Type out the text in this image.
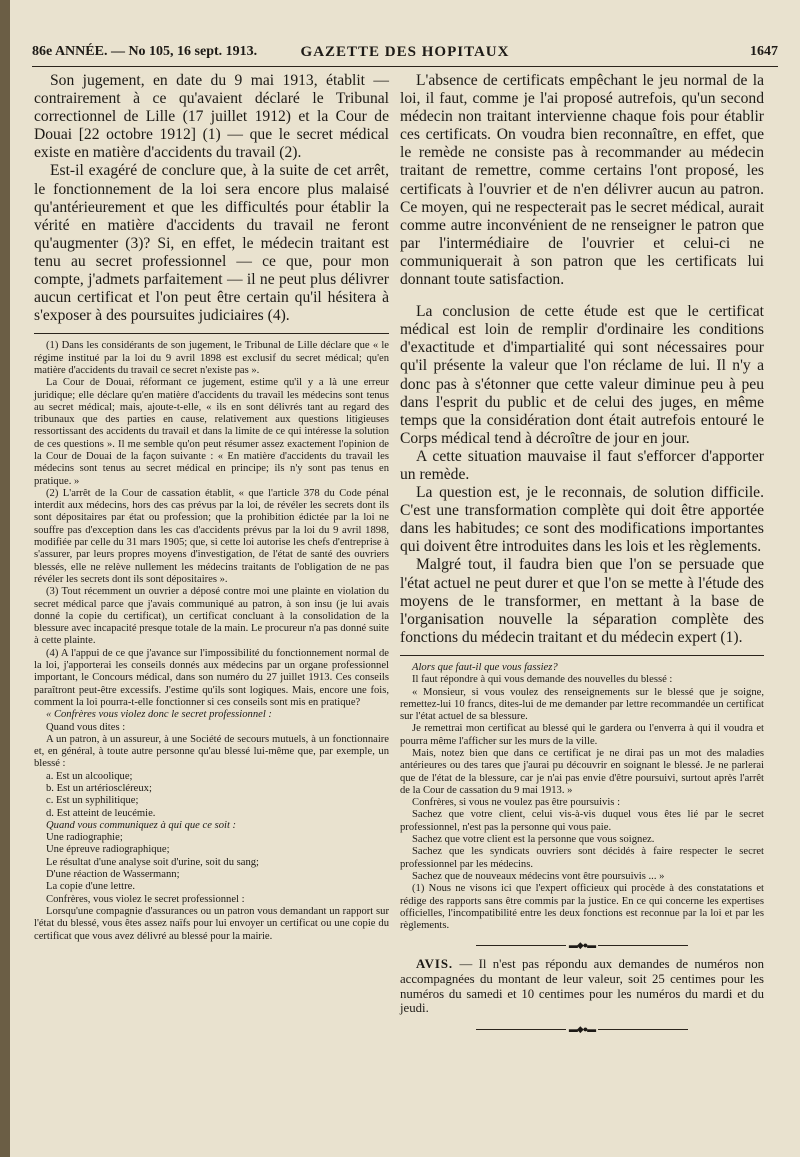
86e ANNÉE. — No 105, 16 sept. 1913.	GAZETTE DES HOPITAUX	1647

Son jugement, en date du 9 mai 1913, établit — contrairement à ce qu'avaient déclaré le Tribunal correctionnel de Lille (17 juillet 1912) et la Cour de Douai [22 octobre 1912] (1) — que le secret médical existe en matière d'accidents du travail (2).

Est-il exagéré de conclure que, à la suite de cet arrêt, le fonctionnement de la loi sera encore plus malaisé qu'antérieurement et que les difficultés pour établir la vérité en matière d'accidents du travail ne feront qu'augmenter (3)? Si, en effet, le médecin traitant est tenu au secret professionnel — ce que, pour mon compte, j'admets parfaitement — il ne peut plus délivrer aucun certificat et l'on peut être certain qu'il hésitera à s'exposer à des poursuites judiciaires (4).

(1) Dans les considérants de son jugement, le Tribunal de Lille déclare que « le régime institué par la loi du 9 avril 1898 est exclusif du secret médical; qu'en matière d'accidents du travail ce secret n'existe pas ».

La Cour de Douai, réformant ce jugement, estime qu'il y a là une erreur juridique; elle déclare qu'en matière d'accidents du travail les médecins sont tenus au secret médical; mais, ajoute-t-elle, « ils en sont délivrés tant au regard des tribunaux que des parties en cause, relativement aux questions litigieuses ressortissant des accidents du travail et dans la limite de ce qui intéresse la solution de ces questions ». Il me semble qu'on peut résumer assez exactement l'opinion de la Cour de Douai de la façon suivante : « En matière d'accidents du travail les médecins sont tenus au secret médical en principe; ils n'y sont pas tenus en pratique. »

(2) L'arrêt de la Cour de cassation établit, « que l'article 378 du Code pénal interdit aux médecins, hors des cas prévus par la loi, de révéler les secrets dont ils sont dépositaires par état ou profession; que la prohibition édictée par la loi ne souffre pas d'exception dans les cas d'accidents prévus par la loi du 9 avril 1898, modifiée par celle du 31 mars 1905; que, si cette loi autorise les chefs d'entreprise à s'assurer, par leurs propres moyens d'investigation, de l'état de santé des ouvriers blessés, elle ne relève nullement les médecins traitants de l'obligation de ne pas révéler les secrets dont ils sont dépositaires ».

(3) Tout récemment un ouvrier a déposé contre moi une plainte en violation du secret médical parce que j'avais communiqué au patron, à son insu (je lui avais donné la copie du certificat), un certificat concluant à la consolidation de la blessure avec incapacité presque totale de la main. Le procureur n'a pas donné suite à cette plainte.

(4) A l'appui de ce que j'avance sur l'impossibilité du fonctionnement normal de la loi, j'apporterai les conseils donnés aux médecins par un organe professionnel important, le Concours médical, dans son numéro du 27 juillet 1913. Ces conseils paraîtront peut-être excessifs. J'estime qu'ils sont logiques. Mais, encore une fois, comment la loi pourra-t-elle fonctionner si ces conseils sont mis en pratique?

« Confrères vous violez donc le secret professionnel :

Quand vous dites :

A un patron, à un assureur, à une Société de secours mutuels, à un fonctionnaire et, en général, à toute autre personne qu'au blessé lui-même que, par exemple, un blessé :

a. Est un alcoolique;

b. Est un artérioscléreux;

c. Est un syphilitique;

d. Est atteint de leucémie.

Quand vous communiquez à qui que ce soit :

Une radiographie;

Une épreuve radiographique;

Le résultat d'une analyse soit d'urine, soit du sang;

D'une réaction de Wassermann;

La copie d'une lettre.

Confrères, vous violez le secret professionnel :

Lorsqu'une compagnie d'assurances ou un patron vous demandant un rapport sur l'état du blessé, vous êtes assez naïfs pour lui envoyer un certificat ou une copie du certificat que vous avez délivré au blessé pour la mairie.

L'absence de certificats empêchant le jeu normal de la loi, il faut, comme je l'ai proposé autrefois, qu'un second médecin non traitant intervienne chaque fois pour établir ces certificats. On voudra bien reconnaître, en effet, que le remède ne consiste pas à recommander au médecin traitant de remettre, comme certains l'ont proposé, les certificats à l'ouvrier et de n'en délivrer aucun au patron. Ce moyen, qui ne respecterait pas le secret médical, aurait comme autre inconvénient de ne renseigner le patron que par l'intermédiaire de l'ouvrier et celui-ci ne communiquerait à son patron que les certificats lui donnant toute satisfaction.

La conclusion de cette étude est que le certificat médical est loin de remplir d'ordinaire les conditions d'exactitude et d'impartialité qui sont nécessaires pour qu'il présente la valeur que l'on réclame de lui. Il n'y a donc pas à s'étonner que cette valeur diminue peu à peu dans l'esprit du public et de celui des juges, en même temps que la considération dont était autrefois entouré le Corps médical tend à décroître de jour en jour.

A cette situation mauvaise il faut s'efforcer d'apporter un remède.

La question est, je le reconnais, de solution difficile. C'est une transformation complète qui doit être apportée dans les habitudes; ce sont des modifications importantes qui doivent être introduites dans les lois et les règlements.

Malgré tout, il faudra bien que l'on se persuade que l'état actuel ne peut durer et que l'on se mette à l'étude des moyens de le transformer, en mettant à la base de l'organisation nouvelle la séparation complète des fonctions du médecin traitant et du médecin expert (1).

Alors que faut-il que vous fassiez?

Il faut répondre à qui vous demande des nouvelles du blessé :

« Monsieur, si vous voulez des renseignements sur le blessé que je soigne, remettez-lui 10 francs, dites-lui de me demander par lettre recommandée un certificat sur l'état actuel de sa blessure.

Je remettrai mon certificat au blessé qui le gardera ou l'enverra à qui il voudra et pourra même l'afficher sur les murs de la ville.

Mais, notez bien que dans ce certificat je ne dirai pas un mot des maladies antérieures ou des tares que j'aurai pu découvrir en soignant le blessé. Je ne parlerai que de l'état de la blessure, car je n'ai pas envie d'être poursuivi, surtout après l'arrêt de la Cour de cassation du 9 mai 1913. »

Confrères, si vous ne voulez pas être poursuivis :

Sachez que votre client, celui vis-à-vis duquel vous êtes lié par le secret professionnel, n'est pas la personne qui vous paie.

Sachez que votre client est la personne que vous soignez.

Sachez que les syndicats ouvriers sont décidés à faire respecter le secret professionnel par les médecins.

Sachez que de nouveaux médecins vont être poursuivis ... »

(1) Nous ne visons ici que l'expert officieux qui procède à des constatations et rédige des rapports sans être commis par la justice. En ce qui concerne les expertises officielles, l'incompatibilité entre les deux fonctions est reconnue par la loi et par les règlements.

▬◆●▬

AVIS. — Il n'est pas répondu aux demandes de numéros non accompagnées du montant de leur valeur, soit 25 centimes pour les numéros du samedi et 10 centimes pour les numéros du mardi et du jeudi.

▬◆●▬
